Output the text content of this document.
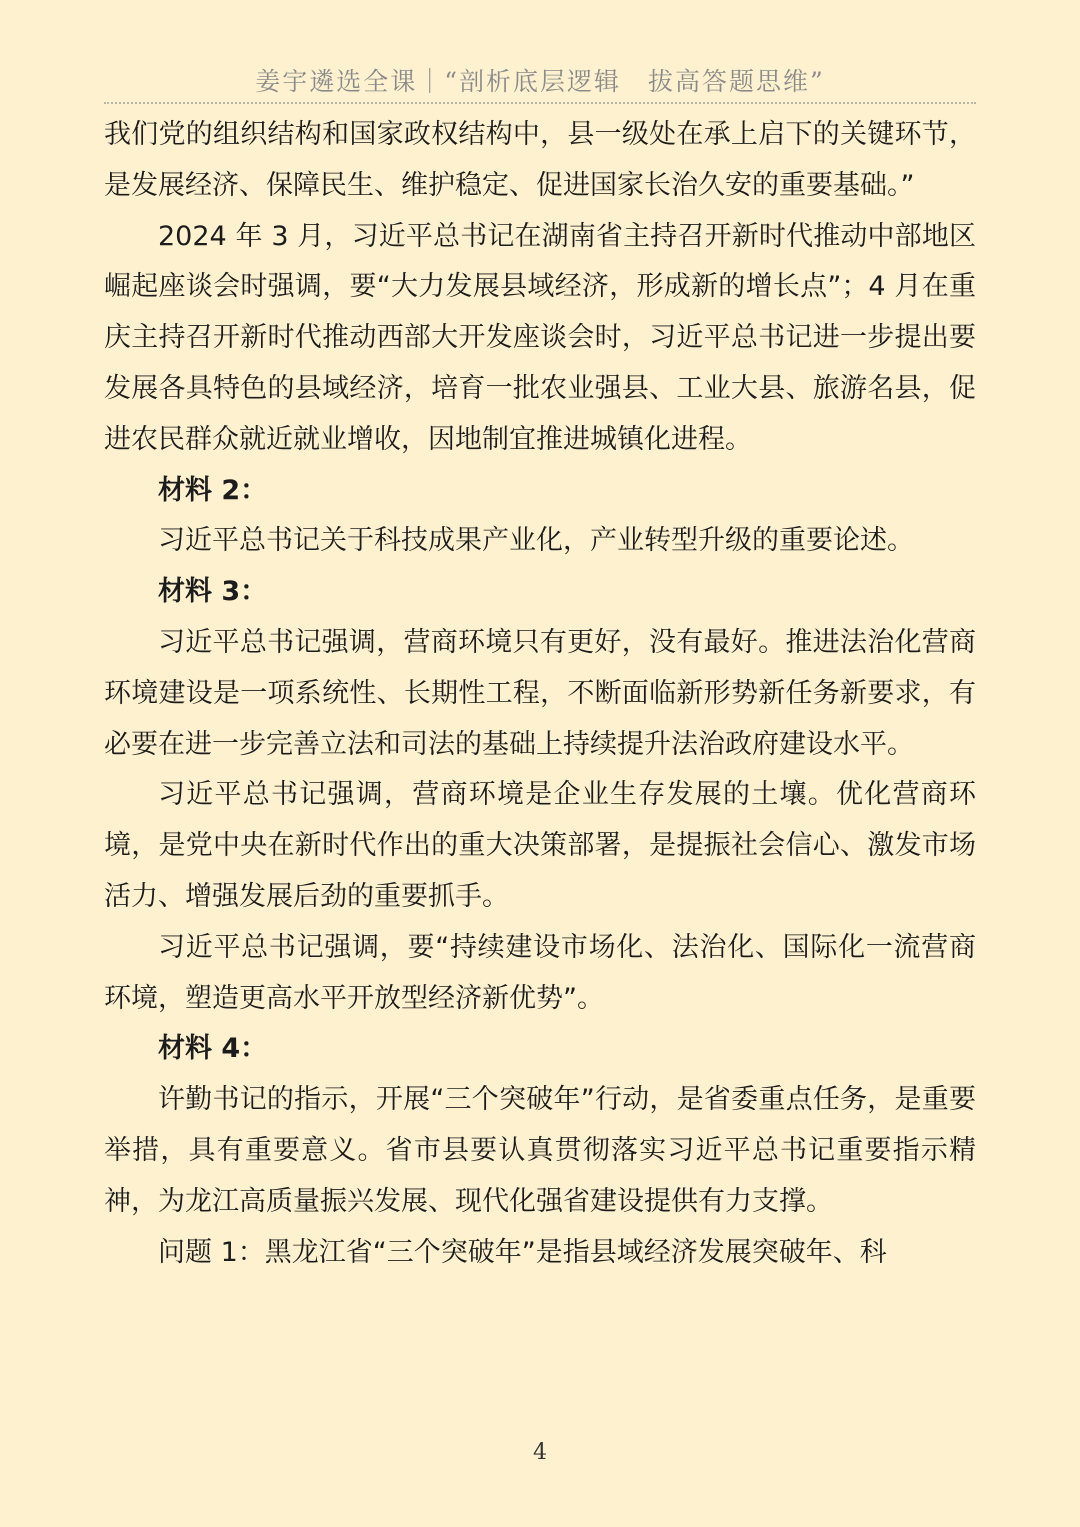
姜宇遴选全课｜“剖析底层逻辑　拔高答题思维”

我们党的组织结构和国家政权结构中，县一级处在承上启下的关键环节，是发展经济、保障民生、维护稳定、促进国家长治久安的重要基础。”

2024 年 3 月，习近平总书记在湖南省主持召开新时代推动中部地区崛起座谈会时强调，要“大力发展县域经济，形成新的增长点”；4 月在重庆主持召开新时代推动西部大开发座谈会时，习近平总书记进一步提出要发展各具特色的县域经济，培育一批农业强县、工业大县、旅游名县，促进农民群众就近就业增收，因地制宜推进城镇化进程。

材料 2：

习近平总书记关于科技成果产业化，产业转型升级的重要论述。

材料 3：

习近平总书记强调，营商环境只有更好，没有最好。推进法治化营商环境建设是一项系统性、长期性工程，不断面临新形势新任务新要求，有必要在进一步完善立法和司法的基础上持续提升法治政府建设水平。

习近平总书记强调，营商环境是企业生存发展的土壤。优化营商环境，是党中央在新时代作出的重大决策部署，是提振社会信心、激发市场活力、增强发展后劲的重要抓手。

习近平总书记强调，要“持续建设市场化、法治化、国际化一流营商环境，塑造更高水平开放型经济新优势”。

材料 4：

许勤书记的指示，开展“三个突破年”行动，是省委重点任务，是重要举措，具有重要意义。省市县要认真贯彻落实习近平总书记重要指示精神，为龙江高质量振兴发展、现代化强省建设提供有力支撑。

问题 1：黑龙江省“三个突破年”是指县域经济发展突破年、科

4
